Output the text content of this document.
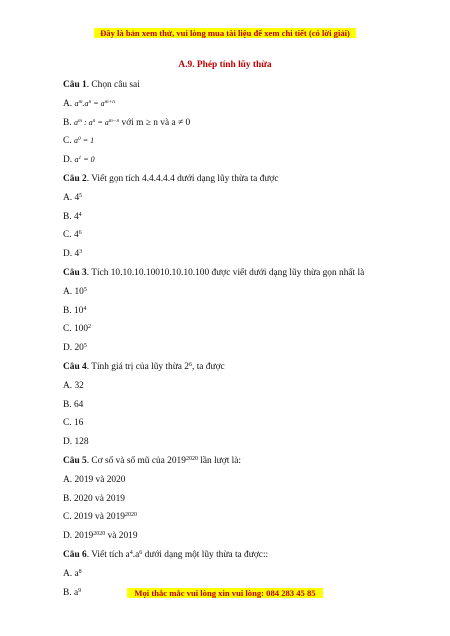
Đây là bản xem thử, vui lòng mua tài liệu để xem chi tiết (có lời giải)
A.9. Phép tính lũy thừa
Câu 1. Chọn câu sai
A. $a^m.a^n = a^{m+n}$
B. $a^m$ : $a^n = a^{m-n}$ với m ≥ n và a ≠ 0
C. $a^0 = 1$
D. $a^1 = 0$
Câu 2. Viết gọn tích 4.4.4.4.4 dưới dạng lũy thừa ta được
A. $4^5$
B. $4^4$
C. $4^6$
D. $4^3$
Câu 3. Tích 10.10.10.10010.10.10.100 được viết dưới dạng lũy thừa gọn nhất là
A. $10^5$
B. $10^4$
C. $100^2$
D. $20^5$
Câu 4. Tính giá trị của lũy thừa $2^6$, ta được
A. 32
B. 64
C. 16
D. 128
Câu 5. Cơ số và số mũ của $2019^{2020}$ lần lượt là:
A. 2019 và 2020
B. 2020 và 2019
C. 2019 và $2019^{2020}$
D. $2019^{2020}$ và 2019
Câu 6. Viết tích $a^4.a^6$ dưới dạng một lũy thừa ta được::
A. $a^8$
Mọi thắc mắc vui lòng xin vui lòng: 084 283 45 85
